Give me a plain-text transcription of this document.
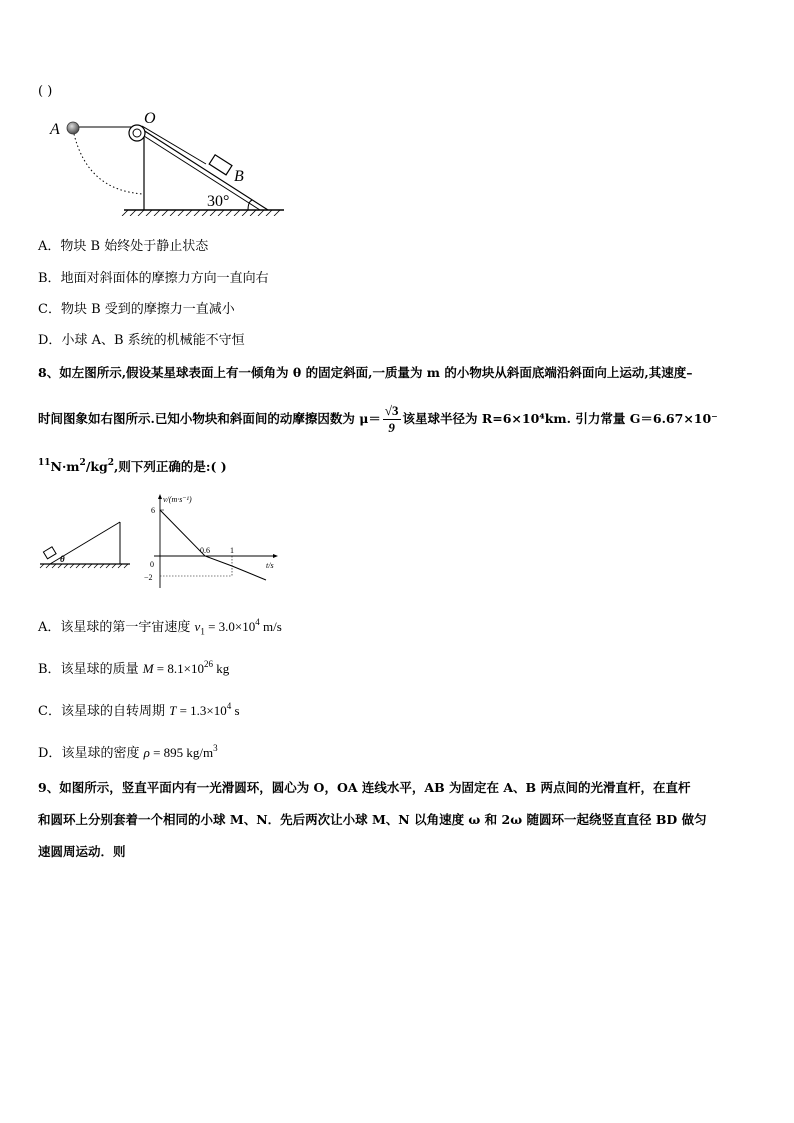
( )
A
O
B
30°
A．物块 B 始终处于静止状态
B．地面对斜面体的摩擦力方向一直向右
C．物块 B 受到的摩擦力一直减小
D．小球 A、B 系统的机械能不守恒
8、如左图所示,假设某星球表面上有一倾角为 θ 的固定斜面,一质量为 m 的小物块从斜面底端沿斜面向上运动,其速度–
时间图象如右图所示.已知小物块和斜面间的动摩擦因数为 $\mu= \frac{√3}{9}$ 该星球半径为 R=6×10⁴km. 引力常量 G＝6.67×10⁻
$^{11}N\cdot m^2/kg^2$,则下列正确的是:( )
θ
v/(m·s⁻¹)
t/s
6
0
−2
0.6	1
A．该星球的第一宇宙速度 $v_1 = 3.0\times 10^4$ m/s
B．该星球的质量 $M = 8.1\times 10^{26}$ kg
C．该星球的自转周期 $T = 1.3\times 10^4$ s
D．该星球的密度 ρ = 895 $kg/m^3$
9、如图所示，竖直平面内有一光滑圆环，圆心为 O，OA 连线水平，AB 为固定在 A、B 两点间的光滑直杆，在直杆
和圆环上分别套着一个相同的小球 M、N．先后两次让小球 M、N 以角速度 ω 和 2ω 随圆环一起绕竖直直径 BD 做匀
速圆周运动．则
